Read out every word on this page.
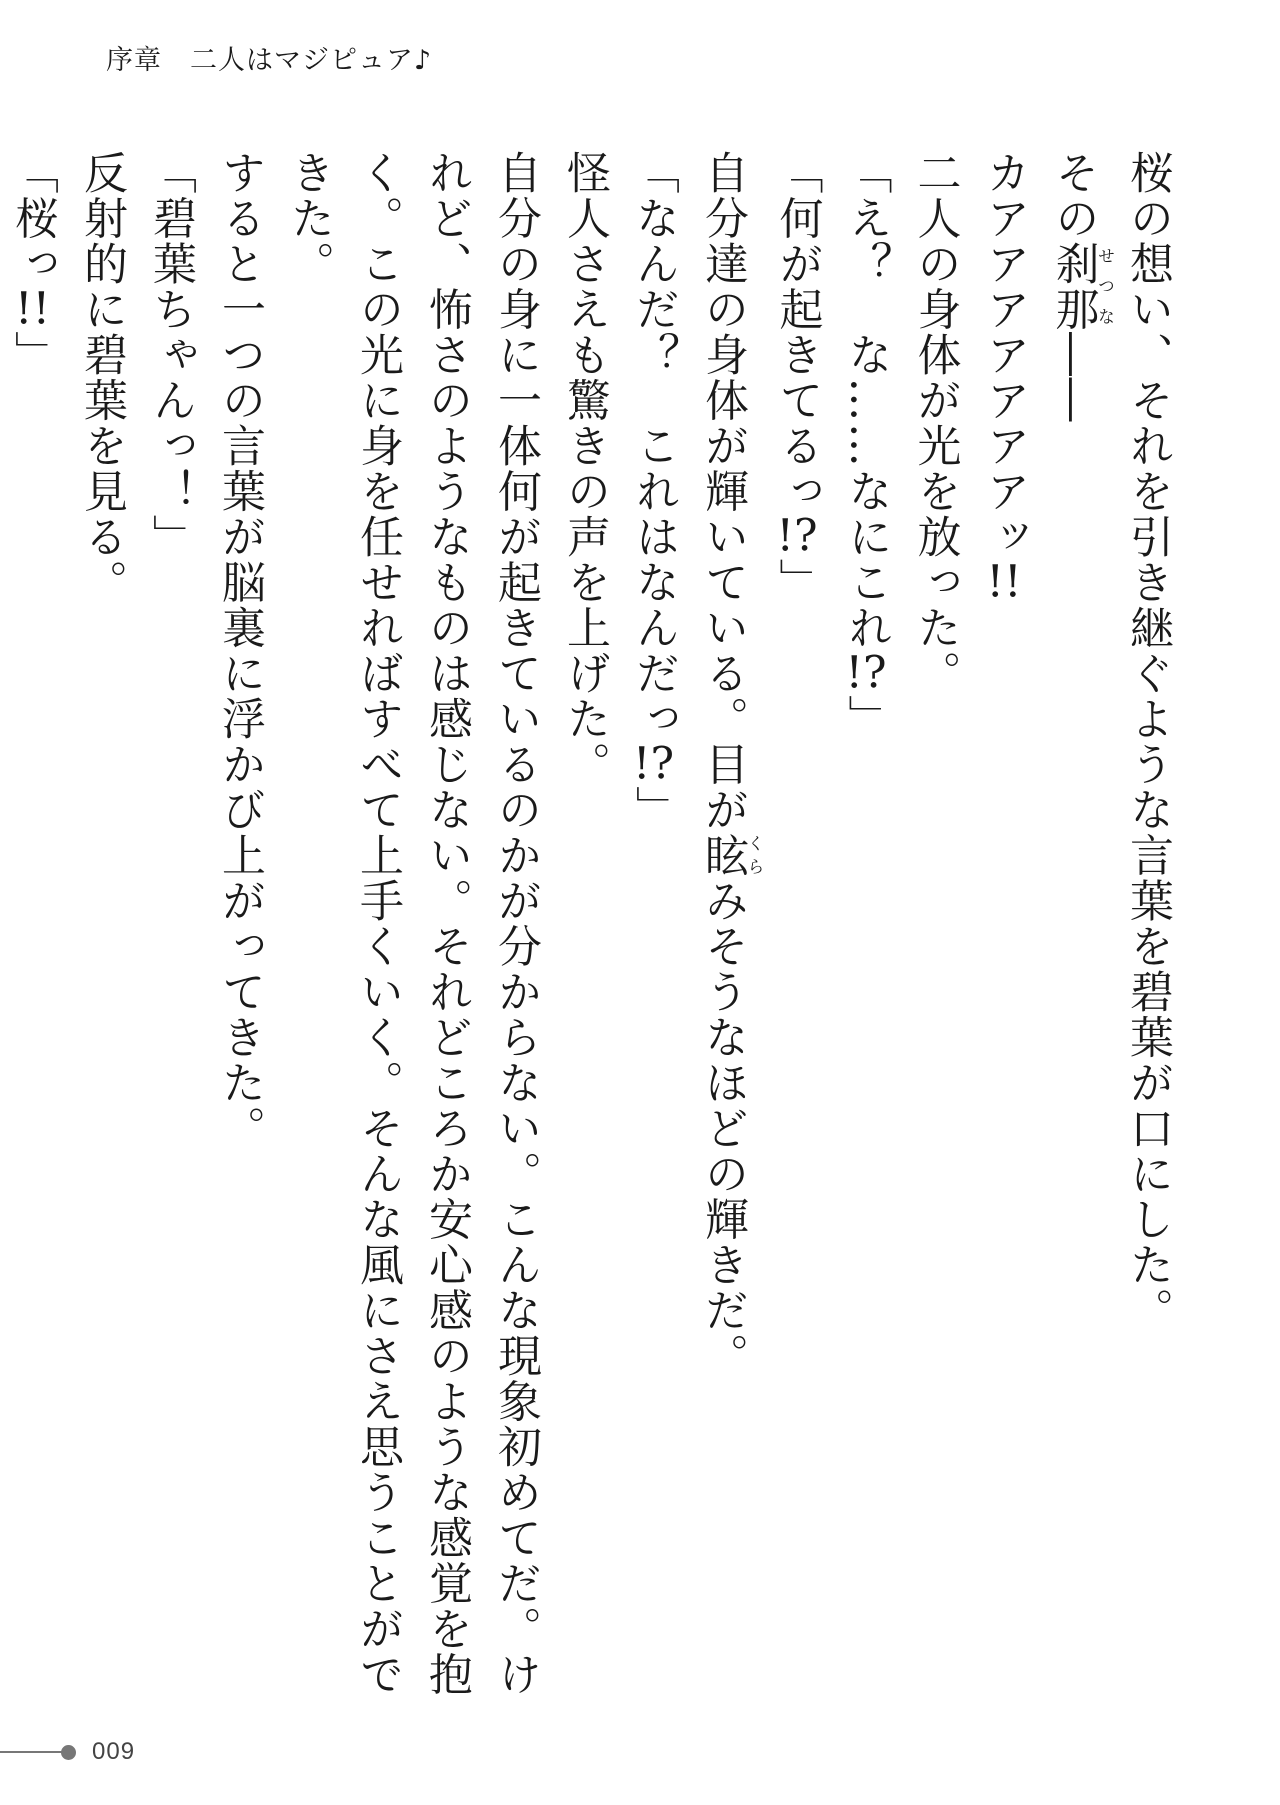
序章　二人はマジピュア♪
桜の想い、それを引き継ぐような言葉を碧葉が口にした。
その刹那せつな――
カアアアアアアアッ!!
二人の身体が光を放った。
「え？　な……なにこれ!?」
「何が起きてるっ!?」
自分達の身体が輝いている。目が眩くらみそうなほどの輝きだ。
「なんだ？　これはなんだっ!?」
怪人さえも驚きの声を上げた。
自分の身に一体何が起きているのかが分からない。こんな現象初めてだ。けれど、怖さのようなものは感じない。それどころか安心感のような感覚を抱く。この光に身を任せればすべて上手くいく。そんな風にさえ思うことができた。
すると一つの言葉が脳裏に浮かび上がってきた。
「碧葉ちゃんっ！」
反射的に碧葉を見る。
「桜っ!!」
009
